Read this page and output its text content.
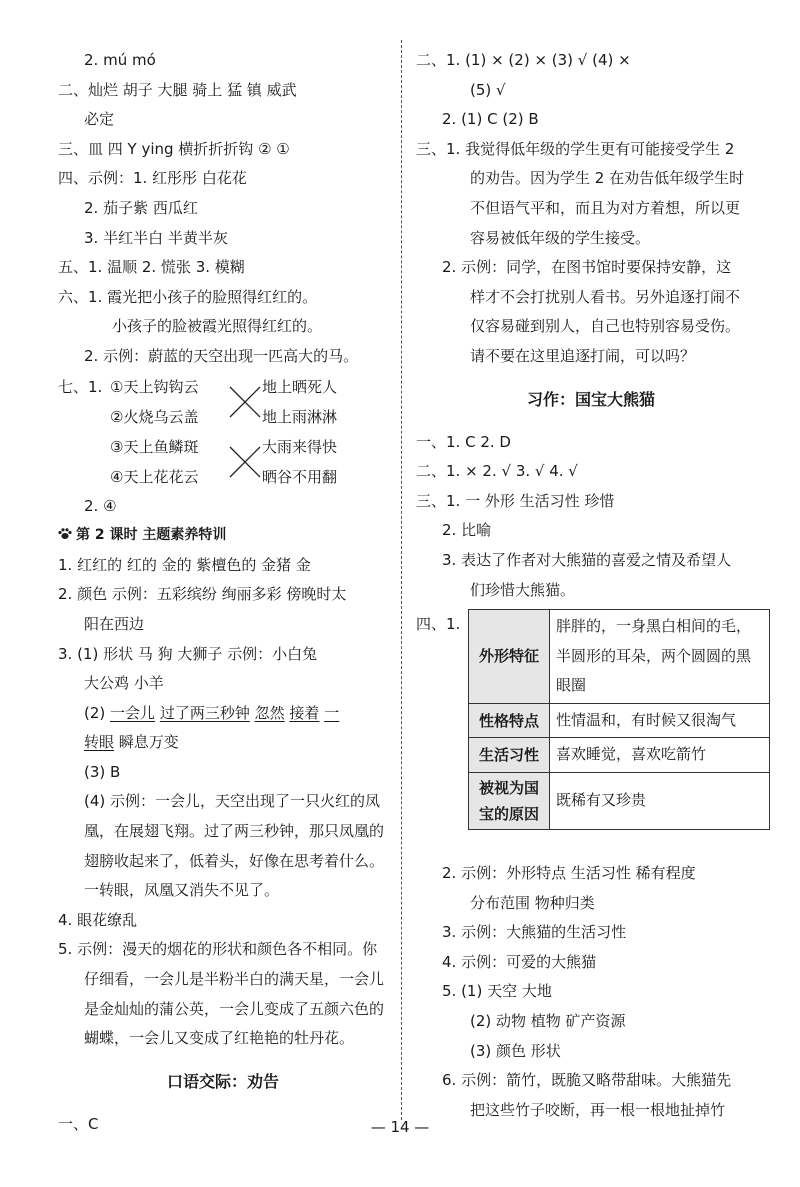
2. mú mó
二、灿烂 胡子 大腿 骑上 猛 镇 威武
必定
三、皿 四 Y ying 横折折折钩 ② ①
四、示例：1. 红彤彤 白花花
2. 茄子紫 西瓜红
3. 半红半白 半黄半灰
五、1. 温顺 2. 慌张 3. 模糊
六、1. 霞光把小孩子的脸照得红红的。
小孩子的脸被霞光照得红红的。
2. 示例：蔚蓝的天空出现一匹高大的马。
七、1. ①天上钩钩云
②火烧乌云盖
③天上鱼鳞斑
④天上花花云
地上晒死人
地上雨淋淋
大雨来得快
晒谷不用翻
2. ④
第 2 课时 主题素养特训
1. 红红的 红的 金的 紫檀色的 金猪 金
2. 颜色 示例：五彩缤纷 绚丽多彩 傍晚时太
阳在西边
3. (1) 形状 马 狗 大狮子 示例：小白兔
大公鸡 小羊
(2) 一会儿 过了两三秒钟 忽然 接着 一
转眼 瞬息万变
(3) B
(4) 示例：一会儿，天空出现了一只火红的凤
凰，在展翅飞翔。过了两三秒钟，那只凤凰的
翅膀收起来了，低着头，好像在思考着什么。
一转眼，凤凰又消失不见了。
4. 眼花缭乱
5. 示例：漫天的烟花的形状和颜色各不相同。你
仔细看，一会儿是半粉半白的满天星，一会儿
是金灿灿的蒲公英，一会儿变成了五颜六色的
蝴蝶，一会儿又变成了红艳艳的牡丹花。
口语交际：劝告
一、C
二、1. (1) × (2) × (3) √ (4) ×
(5) √
2. (1) C (2) B
三、1. 我觉得低年级的学生更有可能接受学生 2
的劝告。因为学生 2 在劝告低年级学生时
不但语气平和，而且为对方着想，所以更
容易被低年级的学生接受。
2. 示例：同学，在图书馆时要保持安静，这
样才不会打扰别人看书。另外追逐打闹不
仅容易碰到别人，自己也特别容易受伤。
请不要在这里追逐打闹，可以吗？
习作：国宝大熊猫
一、1. C 2. D
二、1. × 2. √ 3. √ 4. √
三、1. 一 外形 生活习性 珍惜
2. 比喻
3. 表达了作者对大熊猫的喜爱之情及希望人
们珍惜大熊猫。
四、1.
外形特征	胖胖的，一身黑白相间的毛，半圆形的耳朵，两个圆圆的黑眼圈
性格特点	性情温和，有时候又很淘气
生活习性	喜欢睡觉，喜欢吃箭竹
被视为国宝的原因	既稀有又珍贵
2. 示例：外形特点 生活习性 稀有程度
分布范围 物种归类
3. 示例：大熊猫的生活习性
4. 示例：可爱的大熊猫
5. (1) 天空 大地
(2) 动物 植物 矿产资源
(3) 颜色 形状
6. 示例：箭竹，既脆又略带甜味。大熊猫先
把这些竹子咬断，再一根一根地扯掉竹
— 14 —
